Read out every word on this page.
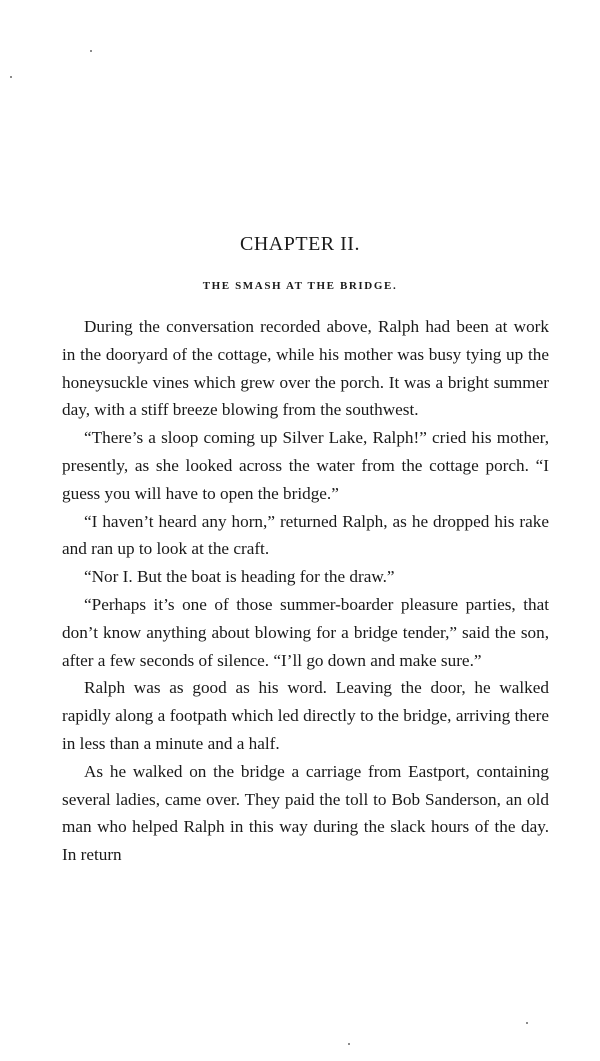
CHAPTER II.
THE SMASH AT THE BRIDGE.

During the conversation recorded above, Ralph had been at work in the dooryard of the cottage, while his mother was busy tying up the honeysuckle vines which grew over the porch. It was a bright summer day, with a stiff breeze blowing from the southwest.

“There’s a sloop coming up Silver Lake, Ralph!” cried his mother, presently, as she looked across the water from the cottage porch. “I guess you will have to open the bridge.”

“I haven’t heard any horn,” returned Ralph, as he dropped his rake and ran up to look at the craft.

“Nor I. But the boat is heading for the draw.”

“Perhaps it’s one of those summer-boarder pleasure parties, that don’t know anything about blowing for a bridge tender,” said the son, after a few seconds of silence. “I’ll go down and make sure.”

Ralph was as good as his word. Leaving the door, he walked rapidly along a footpath which led directly to the bridge, arriving there in less than a minute and a half.

As he walked on the bridge a carriage from Eastport, containing several ladies, came over. They paid the toll to Bob Sanderson, an old man who helped Ralph in this way during the slack hours of the day. In return
